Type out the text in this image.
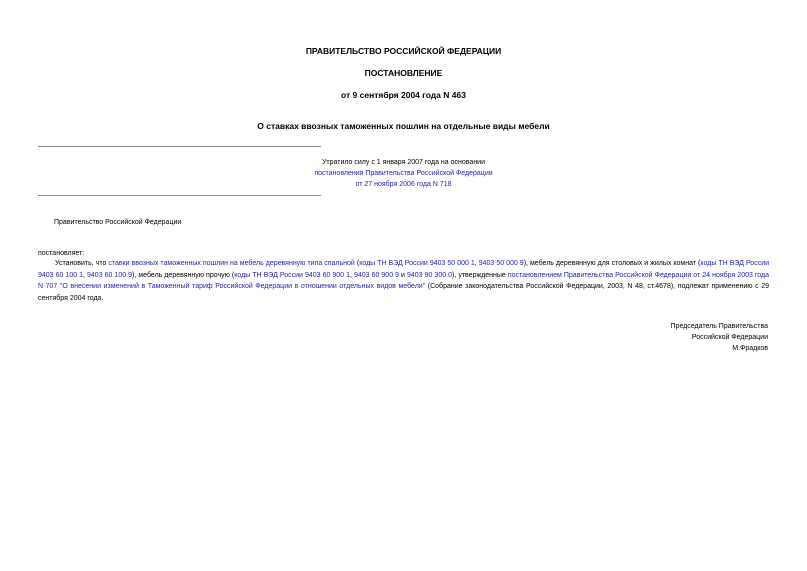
ПРАВИТЕЛЬСТВО РОССИЙСКОЙ ФЕДЕРАЦИИ
ПОСТАНОВЛЕНИЕ
от 9 сентября 2004 года N 463
О ставках ввозных таможенных пошлин на отдельные виды мебели
Утратило силу с 1 января 2007 года на основании
постановления Правительства Российской Федерации
от 27 ноября 2006 года N 718
Правительство Российской Федерации
постановляет:
Установить, что ставки ввозных таможенных пошлин на мебель деревянную типа спальной (коды ТН ВЭД России 9403 50 000 1, 9403 50 000 9), мебель деревянную для столовых и жилых комнат (коды ТН ВЭД России 9403 60 100 1, 9403 60 100 9), мебель деревянную прочую (коды ТН ВЭД России 9403 60 900 1, 9403 60 900 9 и 9403 90 300 0), утвержденные постановлением Правительства Российской Федерации от 24 ноября 2003 года N 707 "О внесении изменений в Таможенный тариф Российской Федерации в отношении отдельных видов мебели" (Собрание законодательства Российской Федерации, 2003, N 48, ст.4678), подлежат применению с 29 сентября 2004 года.
Председатель Правительства
Российской Федерации
М.Фрадков
